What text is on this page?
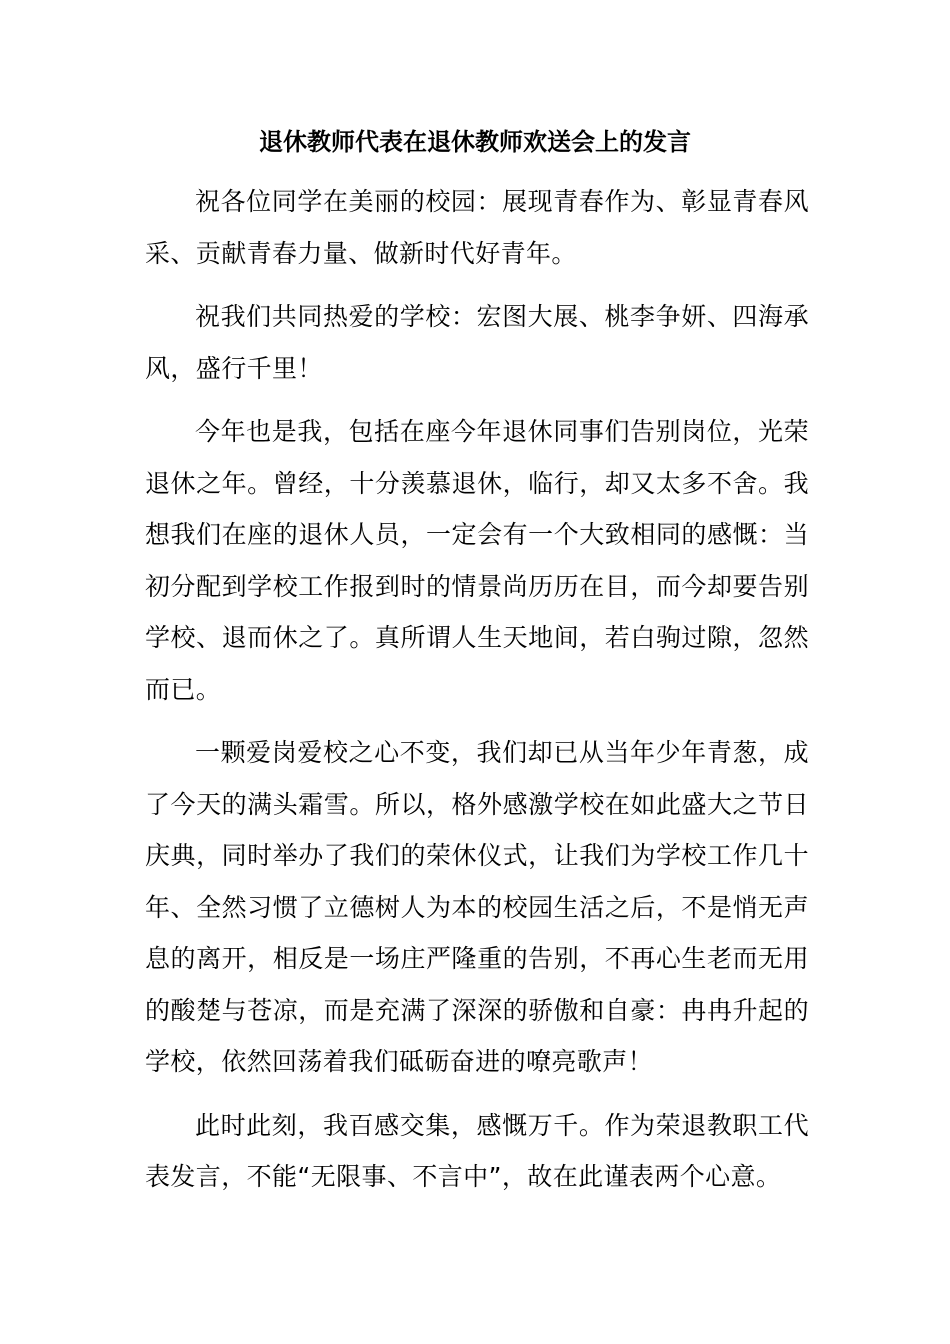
退休教师代表在退休教师欢送会上的发言

祝各位同学在美丽的校园：展现青春作为、彰显青春风采、贡献青春力量、做新时代好青年。

祝我们共同热爱的学校：宏图大展、桃李争妍、四海承风，盛行千里！

今年也是我，包括在座今年退休同事们告别岗位，光荣退休之年。曾经，十分羡慕退休，临行，却又太多不舍。我想我们在座的退休人员，一定会有一个大致相同的感慨：当初分配到学校工作报到时的情景尚历历在目，而今却要告别学校、退而休之了。真所谓人生天地间，若白驹过隙，忽然而已。

一颗爱岗爱校之心不变，我们却已从当年少年青葱，成了今天的满头霜雪。所以，格外感激学校在如此盛大之节日庆典，同时举办了我们的荣休仪式，让我们为学校工作几十年、全然习惯了立德树人为本的校园生活之后，不是悄无声息的离开，相反是一场庄严隆重的告别，不再心生老而无用的酸楚与苍凉，而是充满了深深的骄傲和自豪：冉冉升起的学校，依然回荡着我们砥砺奋进的嘹亮歌声！

此时此刻，我百感交集，感慨万千。作为荣退教职工代表发言，不能“无限事、不言中”，故在此谨表两个心意。
